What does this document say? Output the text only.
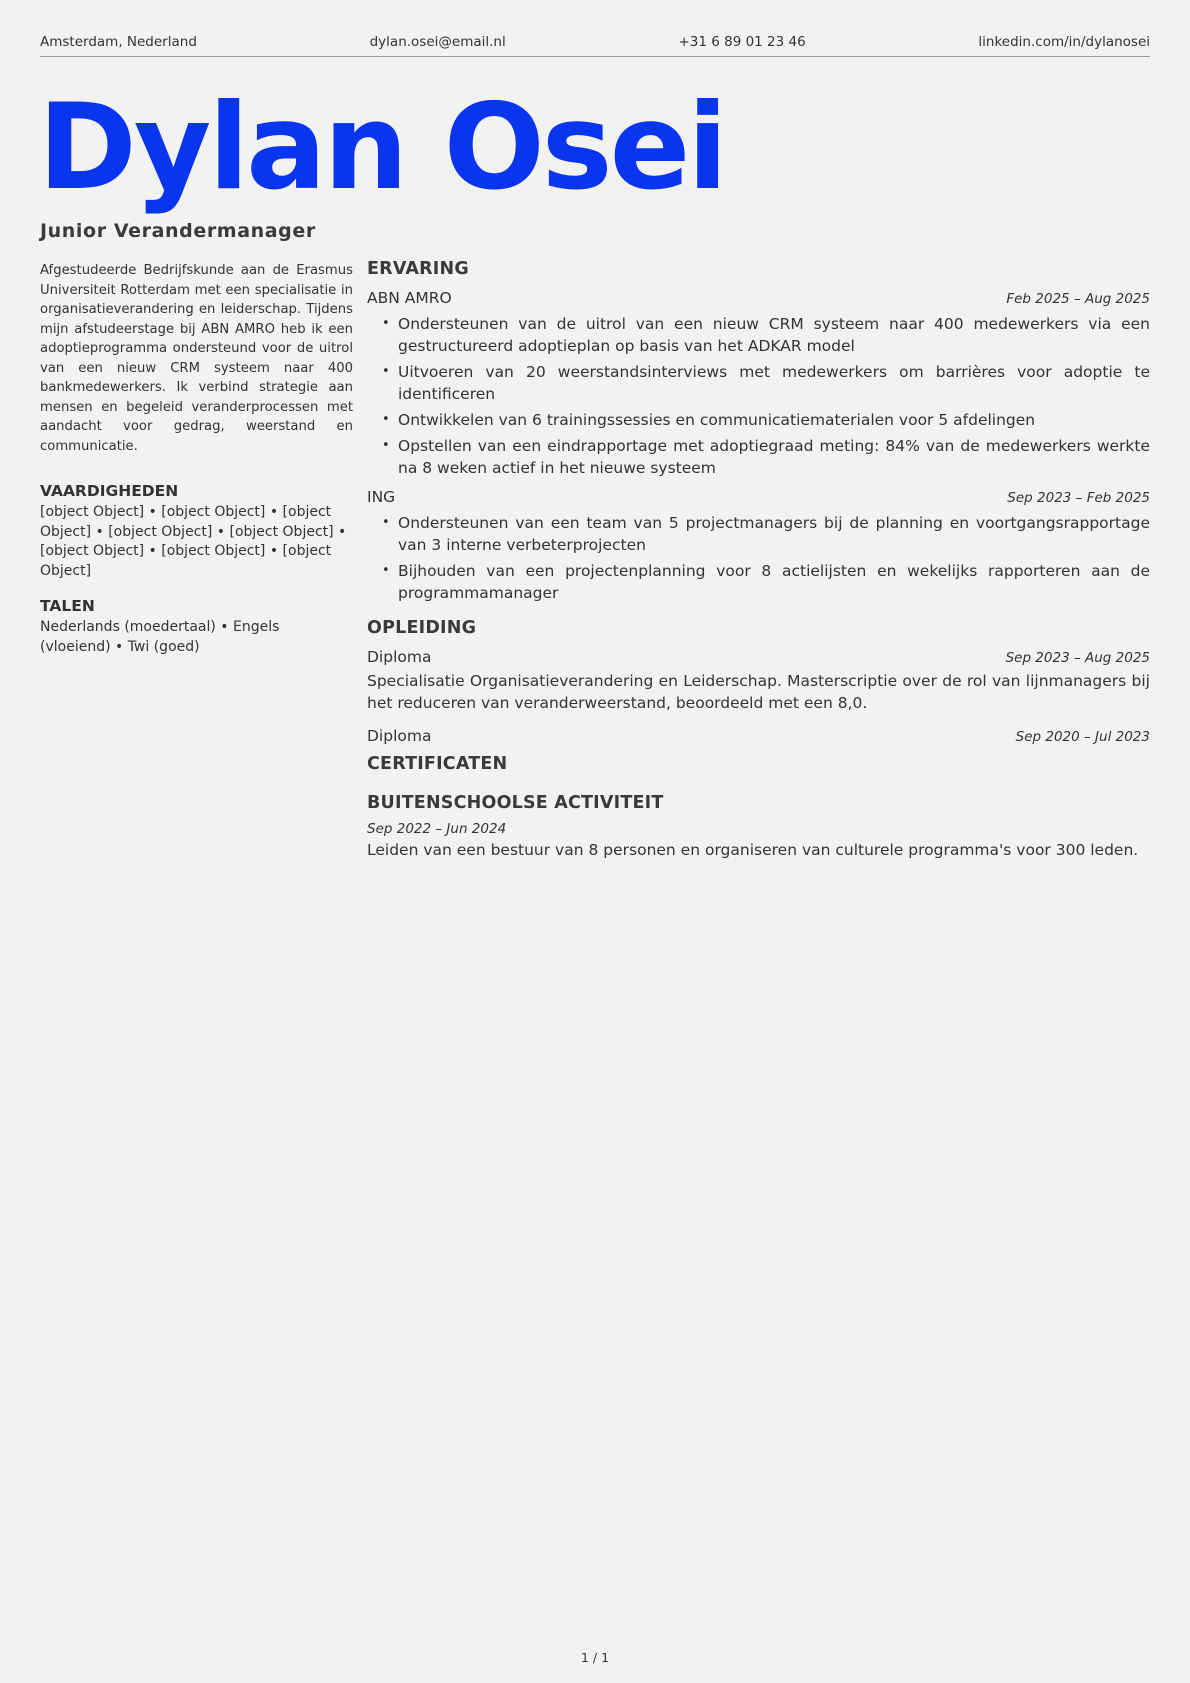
Amsterdam, Nederland	dylan.osei@email.nl	+31 6 89 01 23 46	linkedin.com/in/dylanosei
Dylan Osei
Junior Verandermanager

Afgestudeerde Bedrijfskunde aan de Erasmus Universiteit Rotterdam met een specialisatie in organisatieverandering en leiderschap. Tijdens mijn afstudeerstage bij ABN AMRO heb ik een adoptieprogramma ondersteund voor de uitrol van een nieuw CRM systeem naar 400 bankmedewerkers. Ik verbind strategie aan mensen en begeleid veranderprocessen met aandacht voor gedrag, weerstand en communicatie.

VAARDIGHEDEN

[object Object] • [object Object] • [object Object] • [object Object] • [object Object] • [object Object] • [object Object] • [object Object]

TALEN

Nederlands (moedertaal) • Engels (vloeiend) • Twi (goed)

ERVARING
ABN AMRO	Feb 2025 – Aug 2025
• Ondersteunen van de uitrol van een nieuw CRM systeem naar 400 medewerkers via een gestructureerd adoptieplan op basis van het ADKAR model
• Uitvoeren van 20 weerstandsinterviews met medewerkers om barrières voor adoptie te identificeren
• Ontwikkelen van 6 trainingssessies en communicatiematerialen voor 5 afdelingen
• Opstellen van een eindrapportage met adoptiegraad meting: 84% van de medewerkers werkte na 8 weken actief in het nieuwe systeem
ING	Sep 2023 – Feb 2025
• Ondersteunen van een team van 5 projectmanagers bij de planning en voortgangsrapportage van 3 interne verbeterprojecten
• Bijhouden van een projectenplanning voor 8 actielijsten en wekelijks rapporteren aan de programmamanager
OPLEIDING
Diploma	Sep 2023 – Aug 2025

Specialisatie Organisatieverandering en Leiderschap. Masterscriptie over de rol van lijnmanagers bij het reduceren van veranderweerstand, beoordeeld met een 8,0.

Diploma	Sep 2020 – Jul 2023
CERTIFICATEN
BUITENSCHOOLSE ACTIVITEIT
Sep 2022 – Jun 2024

Leiden van een bestuur van 8 personen en organiseren van culturele programma's voor 300 leden.

1 / 1
